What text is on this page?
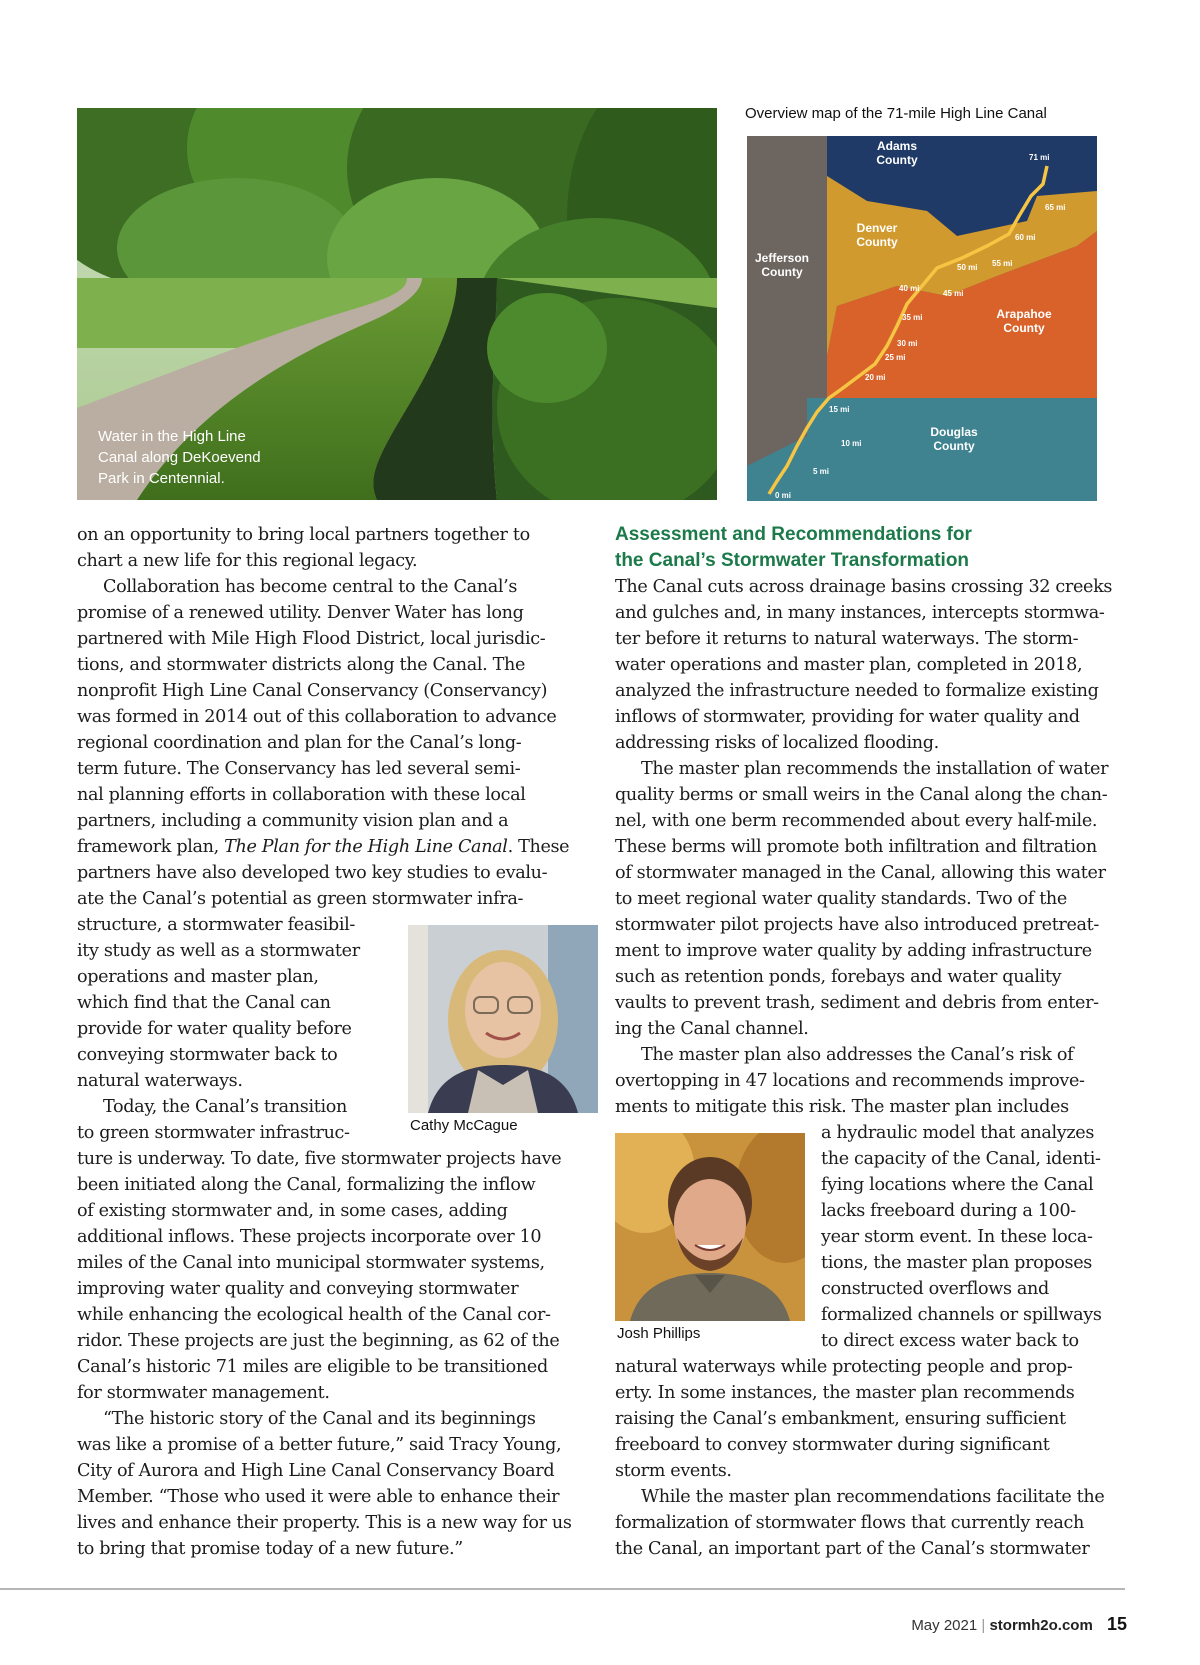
Water in the High Line
Canal along DeKoevend
Park in Centennial.
Overview map of the 71-mile High Line Canal
Adams
County
Denver
County
Jefferson
County
Arapahoe
County
Douglas
County
71 mi
65 mi
60 mi
55 mi
50 mi
45 mi
40 mi
35 mi
30 mi
25 mi
20 mi
15 mi
10 mi
5 mi
0 mi
on an opportunity to bring local partners together to
chart a new life for this regional legacy.
Collaboration has become central to the Canal’s
promise of a renewed utility. Denver Water has long
partnered with Mile High Flood District, local jurisdic-
tions, and stormwater districts along the Canal. The
nonprofit High Line Canal Conservancy (Conservancy)
was formed in 2014 out of this collaboration to advance
regional coordination and plan for the Canal’s long-
term future. The Conservancy has led several semi-
nal planning efforts in collaboration with these local
partners, including a community vision plan and a
framework plan, The Plan for the High Line Canal. These
partners have also developed two key studies to evalu-
ate the Canal’s potential as green stormwater infra-
structure, a stormwater feasibil-
ity study as well as a stormwater
operations and master plan,
which find that the Canal can
provide for water quality before
conveying stormwater back to
natural waterways.
Today, the Canal’s transition
to green stormwater infrastruc-
ture is underway. To date, five stormwater projects have
been initiated along the Canal, formalizing the inflow
of existing stormwater and, in some cases, adding
additional inflows. These projects incorporate over 10
miles of the Canal into municipal stormwater systems,
improving water quality and conveying stormwater
while enhancing the ecological health of the Canal cor-
ridor. These projects are just the beginning, as 62 of the
Canal’s historic 71 miles are eligible to be transitioned
for stormwater management.
“The historic story of the Canal and its beginnings
was like a promise of a better future,” said Tracy Young,
City of Aurora and High Line Canal Conservancy Board
Member. “Those who used it were able to enhance their
lives and enhance their property. This is a new way for us
to bring that promise today of a new future.”
Cathy McCague
Assessment and Recommendations for
the Canal’s Stormwater Transformation
The Canal cuts across drainage basins crossing 32 creeks
and gulches and, in many instances, intercepts stormwa-
ter before it returns to natural waterways. The storm-
water operations and master plan, completed in 2018,
analyzed the infrastructure needed to formalize existing
inflows of stormwater, providing for water quality and
addressing risks of localized flooding.
The master plan recommends the installation of water
quality berms or small weirs in the Canal along the chan-
nel, with one berm recommended about every half-mile.
These berms will promote both infiltration and filtration
of stormwater managed in the Canal, allowing this water
to meet regional water quality standards. Two of the
stormwater pilot projects have also introduced pretreat-
ment to improve water quality by adding infrastructure
such as retention ponds, forebays and water quality
vaults to prevent trash, sediment and debris from enter-
ing the Canal channel.
The master plan also addresses the Canal’s risk of
overtopping in 47 locations and recommends improve-
ments to mitigate this risk. The master plan includes
a hydraulic model that analyzes
the capacity of the Canal, identi-
fying locations where the Canal
lacks freeboard during a 100-
year storm event. In these loca-
tions, the master plan proposes
constructed overflows and
formalized channels or spillways
to direct excess water back to
natural waterways while protecting people and prop-
erty. In some instances, the master plan recommends
raising the Canal’s embankment, ensuring sufficient
freeboard to convey stormwater during significant
storm events.
While the master plan recommendations facilitate the
formalization of stormwater flows that currently reach
the Canal, an important part of the Canal’s stormwater
Josh Phillips
May 2021 | stormh2o.com 15
